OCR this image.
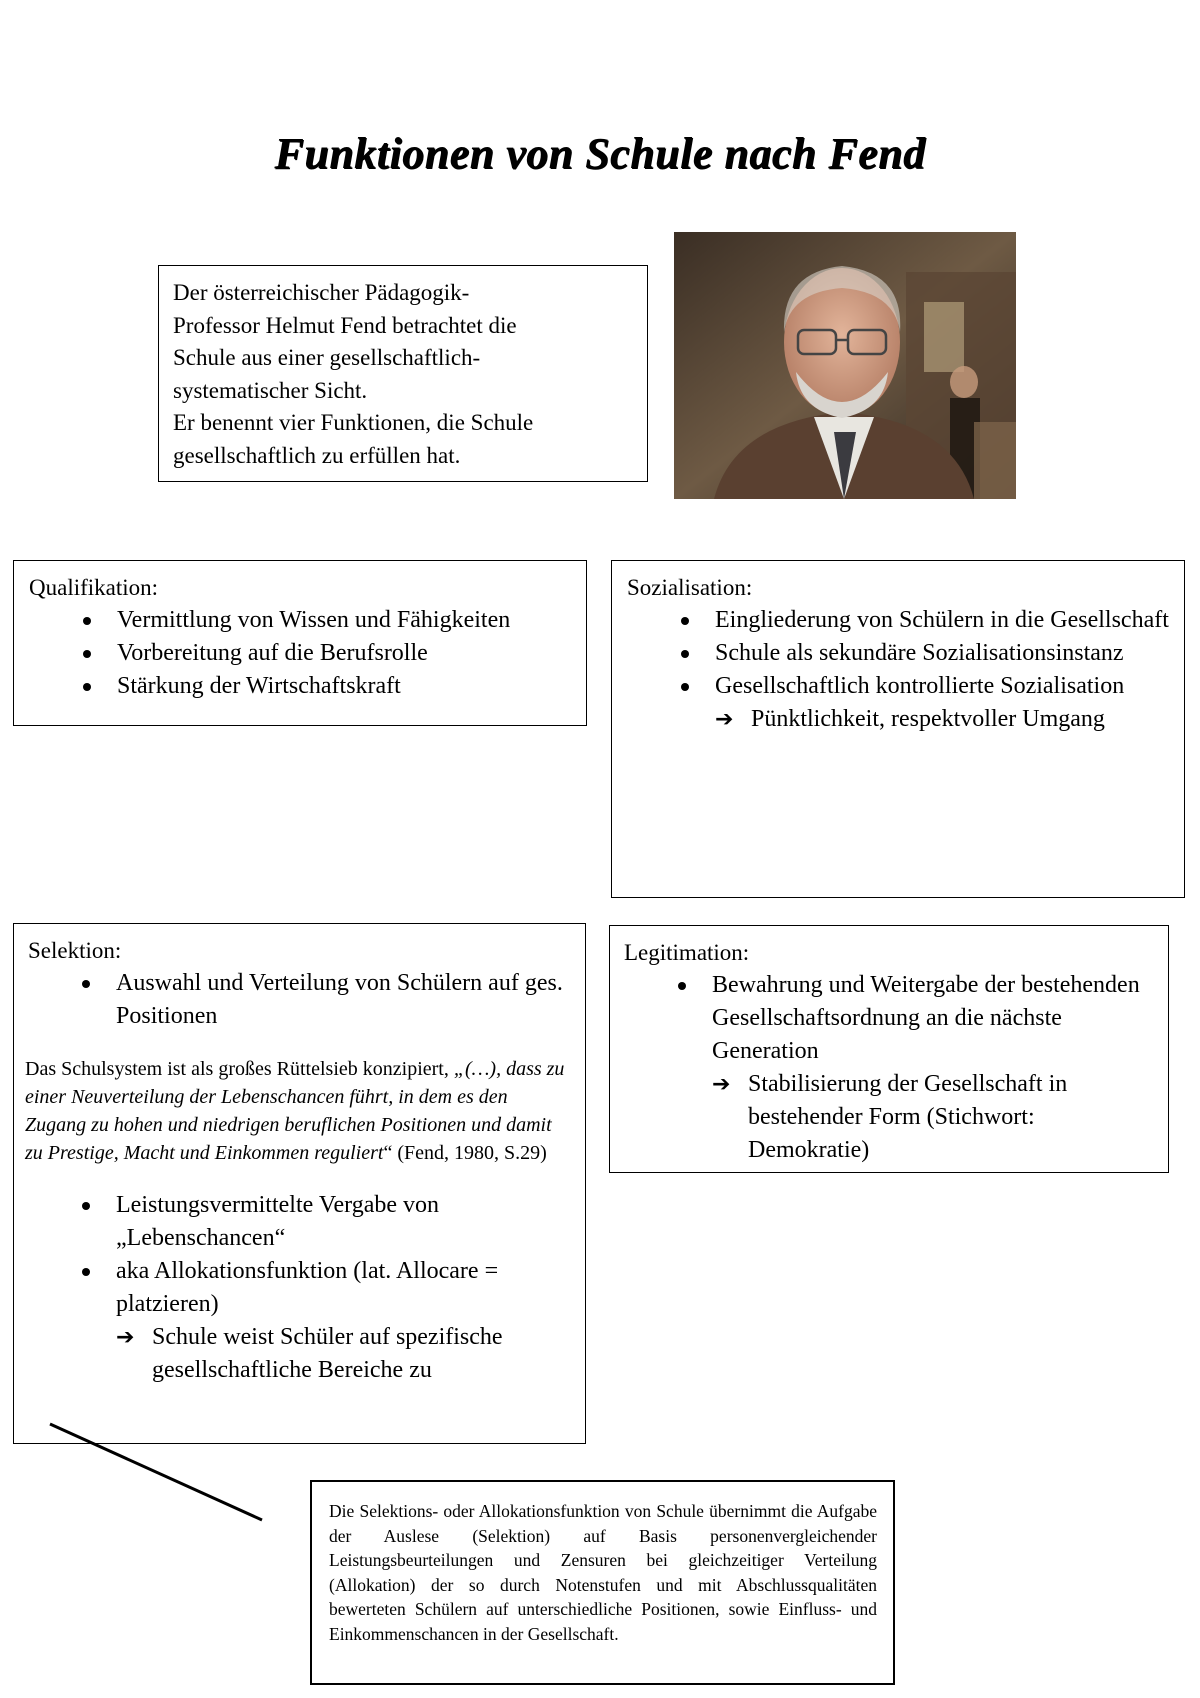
Funktionen von Schule nach Fend
Der österreichischer Pädagogik-
Professor Helmut Fend betrachtet die
Schule aus einer gesellschaftlich-
systematischer Sicht.
Er benennt vier Funktionen, die Schule
gesellschaftlich zu erfüllen hat.
Qualifikation:
Vermittlung von Wissen und Fähigkeiten
Vorbereitung auf die Berufsrolle
Stärkung der Wirtschaftskraft
Sozialisation:
Eingliederung von Schülern in die Gesellschaft
Schule als sekundäre Sozialisationsinstanz
Gesellschaftlich kontrollierte Sozialisation
➔ Pünktlichkeit, respektvoller Umgang
Selektion:
Auswahl und Verteilung von Schülern auf ges. Positionen
Das Schulsystem ist als großes Rüttelsieb konzipiert, „(…), dass zu einer Neuverteilung der Lebenschancen führt, in dem es den Zugang zu hohen und niedrigen beruflichen Positionen und damit zu Prestige, Macht und Einkommen reguliert“ (Fend, 1980, S.29)
Leistungsvermittelte Vergabe von „Lebenschancen“
aka Allokationsfunktion (lat. Allocare = platzieren)
➔ Schule weist Schüler auf spezifische gesellschaftliche Bereiche zu
Legitimation:
Bewahrung und Weitergabe der bestehenden Gesellschaftsordnung an die nächste Generation
➔ Stabilisierung der Gesellschaft in bestehender Form (Stichwort: Demokratie)
Die Selektions- oder Allokationsfunktion von Schule übernimmt die Aufgabe der Auslese (Selektion) auf Basis personenvergleichender Leistungsbeurteilungen und Zensuren bei gleichzeitiger Verteilung (Allokation) der so durch Notenstufen und mit Abschlussqualitäten bewerteten Schülern auf unterschiedliche Positionen, sowie Einfluss- und Einkommenschancen in der Gesellschaft.
